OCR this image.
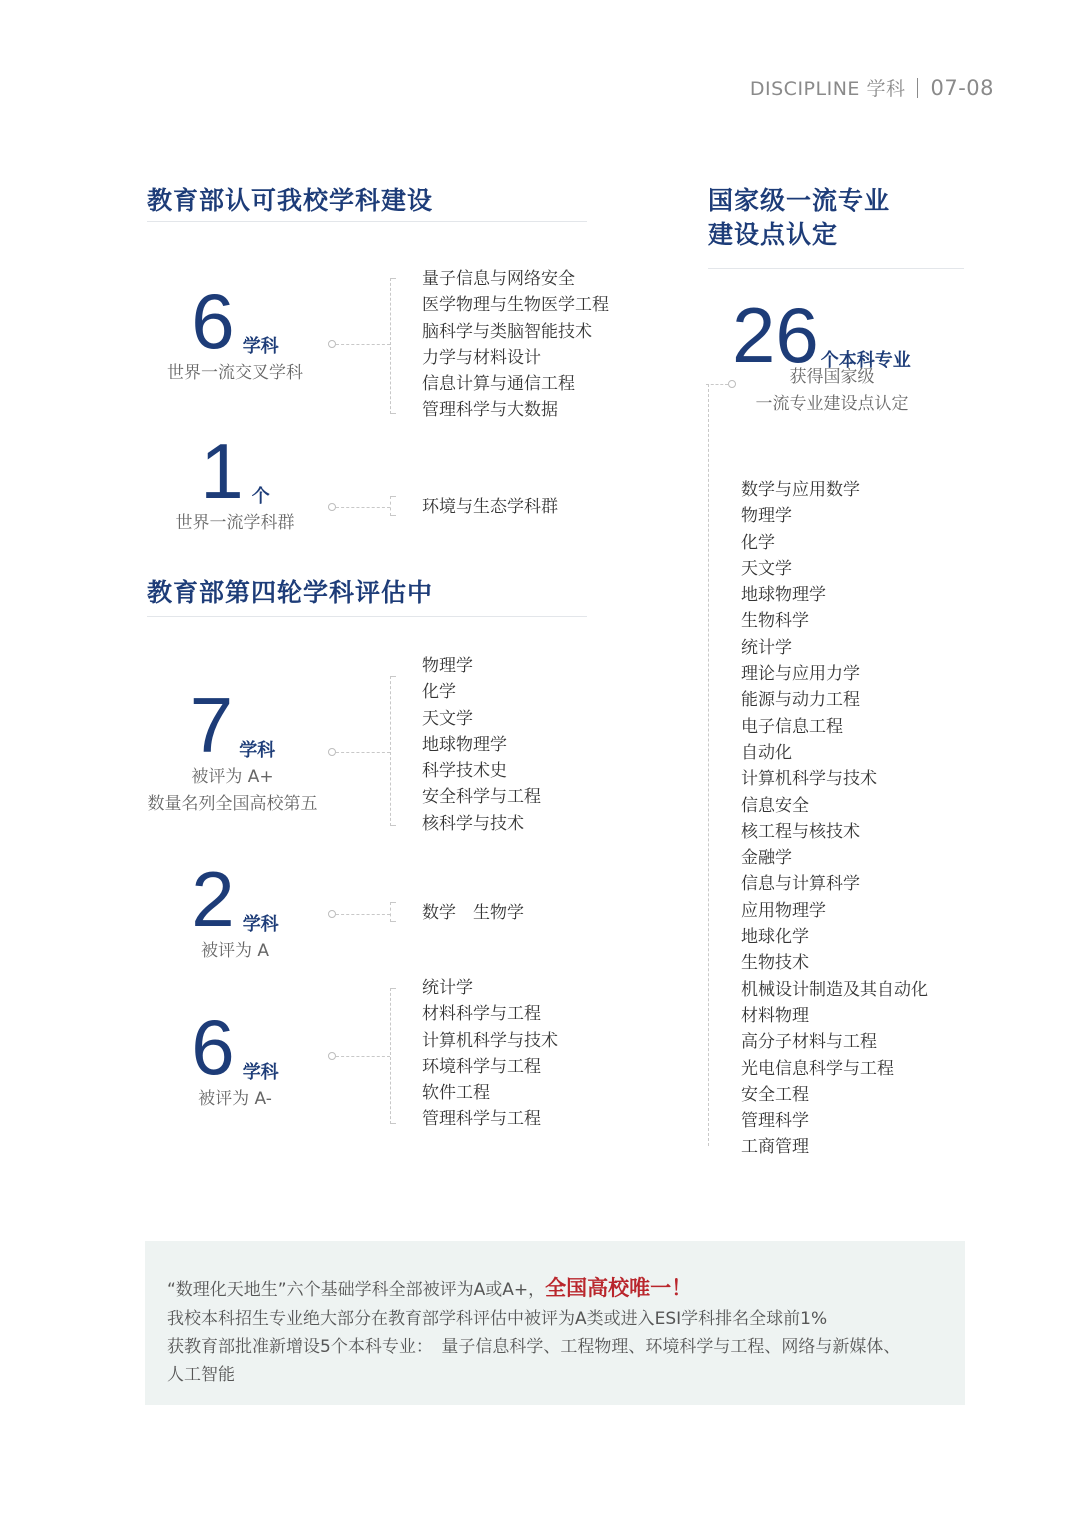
DISCIPLINE 学科 07-08
教育部认可我校学科建设
6 学科
世界一流交叉学科
量子信息与网络安全
医学物理与生物医学工程
脑科学与类脑智能技术
力学与材料设计
信息计算与通信工程
管理科学与大数据
1 个
世界一流学科群
环境与生态学科群
教育部第四轮学科评估中
7 学科
被评为 A+
数量名列全国高校第五
物理学
化学
天文学
地球物理学
科学技术史
安全科学与工程
核科学与技术
2 学科
被评为 A
数学　生物学
6 学科
被评为 A-
统计学
材料科学与工程
计算机科学与技术
环境科学与工程
软件工程
管理科学与工程
国家级一流专业
建设点认定
26 个本科专业
获得国家级
一流专业建设点认定
数学与应用数学
物理学
化学
天文学
地球物理学
生物科学
统计学
理论与应用力学
能源与动力工程
电子信息工程
自动化
计算机科学与技术
信息安全
核工程与核技术
金融学
信息与计算科学
应用物理学
地球化学
生物技术
机械设计制造及其自动化
材料物理
高分子材料与工程
光电信息科学与工程
安全工程
管理科学
工商管理
“数理化天地生”六个基础学科全部被评为A或A+，全国高校唯一！
我校本科招生专业绝大部分在教育部学科评估中被评为A类或进入ESI学科排名全球前1%
获教育部批准新增设5个本科专业：　量子信息科学、工程物理、环境科学与工程、网络与新媒体、
人工智能
